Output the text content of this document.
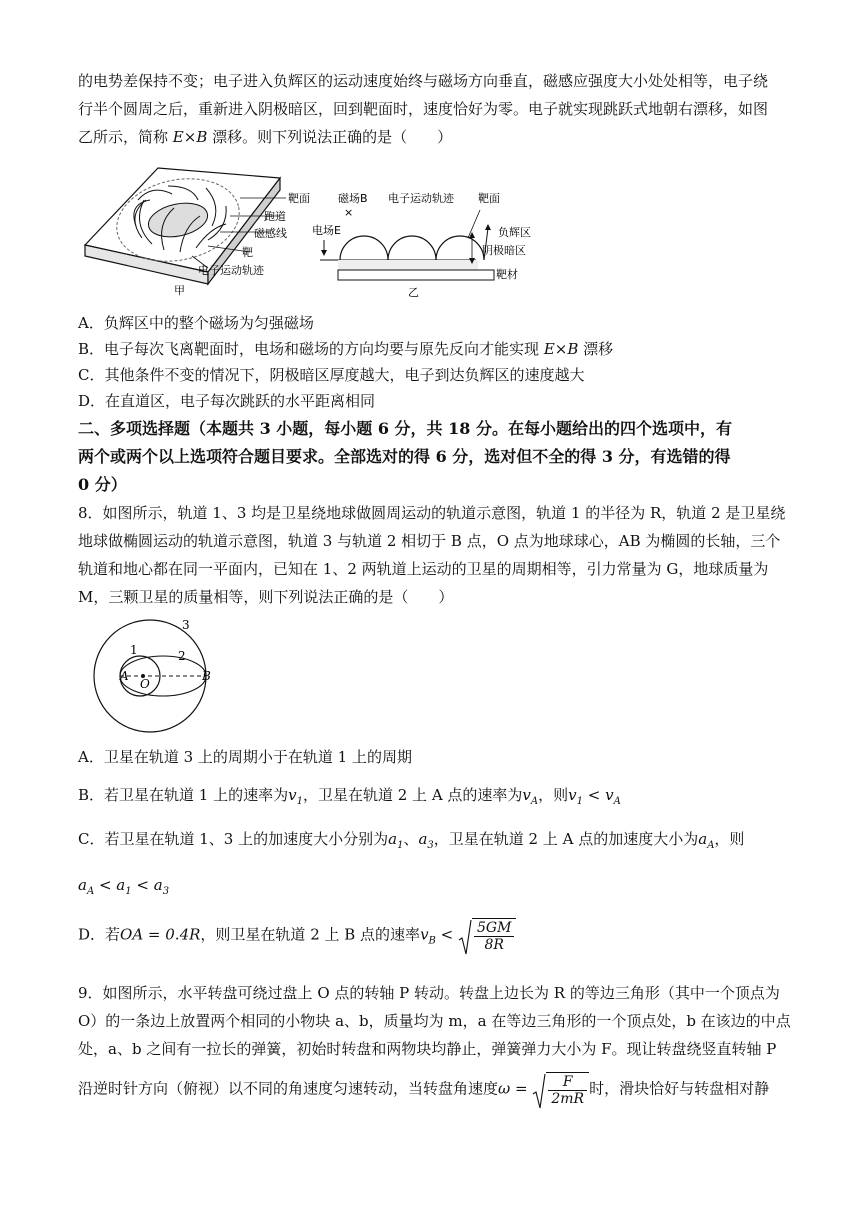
的电势差保持不变；电子进入负辉区的运动速度始终与磁场方向垂直，磁感应强度大小处处相等，电子绕
行半个圆周之后，重新进入阴极暗区，回到靶面时，速度恰好为零。电子就实现跳跃式地朝右漂移，如图
乙所示，简称 E×B 漂移。则下列说法正确的是（　　）
靶面
跑道
磁感线
靶
电子运动轨迹
甲
磁场B
×
电子运动轨迹 靶面
电场E	负辉区
阴极暗区
靶材
乙
A．负辉区中的整个磁场为匀强磁场
B．电子每次飞离靶面时，电场和磁场的方向均要与原先反向才能实现 E×B 漂移
C．其他条件不变的情况下，阴极暗区厚度越大，电子到达负辉区的速度越大
D．在直道区，电子每次跳跃的水平距离相同
二、多项选择题（本题共 3 小题，每小题 6 分，共 18 分。在每小题给出的四个选项中，有
两个或两个以上选项符合题目要求。全部选对的得 6 分，选对但不全的得 3 分，有选错的得
0 分）
8．如图所示，轨道 1、3 均是卫星绕地球做圆周运动的轨道示意图，轨道 1 的半径为 R，轨道 2 是卫星绕
地球做椭圆运动的轨道示意图，轨道 3 与轨道 2 相切于 B 点，O 点为地球球心，AB 为椭圆的长轴，三个
轨道和地心都在同一平面内，已知在 1、2 两轨道上运动的卫星的周期相等，引力常量为 G，地球质量为
M，三颗卫星的质量相等，则下列说法正确的是（　　）
1	2
3
A
O
B
A．卫星在轨道 3 上的周期小于在轨道 1 上的周期
B．若卫星在轨道 1 上的速率为$v_1$，卫星在轨道 2 上 A 点的速率为$v_A$，则$v_1 < v_A$
C．若卫星在轨道 1、3 上的加速度大小分别为$a_1$、$a_3$，卫星在轨道 2 上 A 点的加速度大小为$a_A$，则
$a_A < a_1 < a_3$
D．若OA = 0.4R，则卫星在轨道 2 上 B 点的速率$v_B < \frac{5GM}{8R}$
9．如图所示，水平转盘可绕过盘上 O 点的转轴 P 转动。转盘上边长为 R 的等边三角形（其中一个顶点为
O）的一条边上放置两个相同的小物块 a、b，质量均为 m，a 在等边三角形的一个顶点处，b 在该边的中点
处，a、b 之间有一拉长的弹簧，初始时转盘和两物块均静止，弹簧弹力大小为 F。现让转盘绕竖直转轴 P
沿逆时针方向（俯视）以不同的角速度匀速转动，当转盘角速度$\omega = \frac{F}{2mR}$ 时，滑块恰好与转盘相对静
